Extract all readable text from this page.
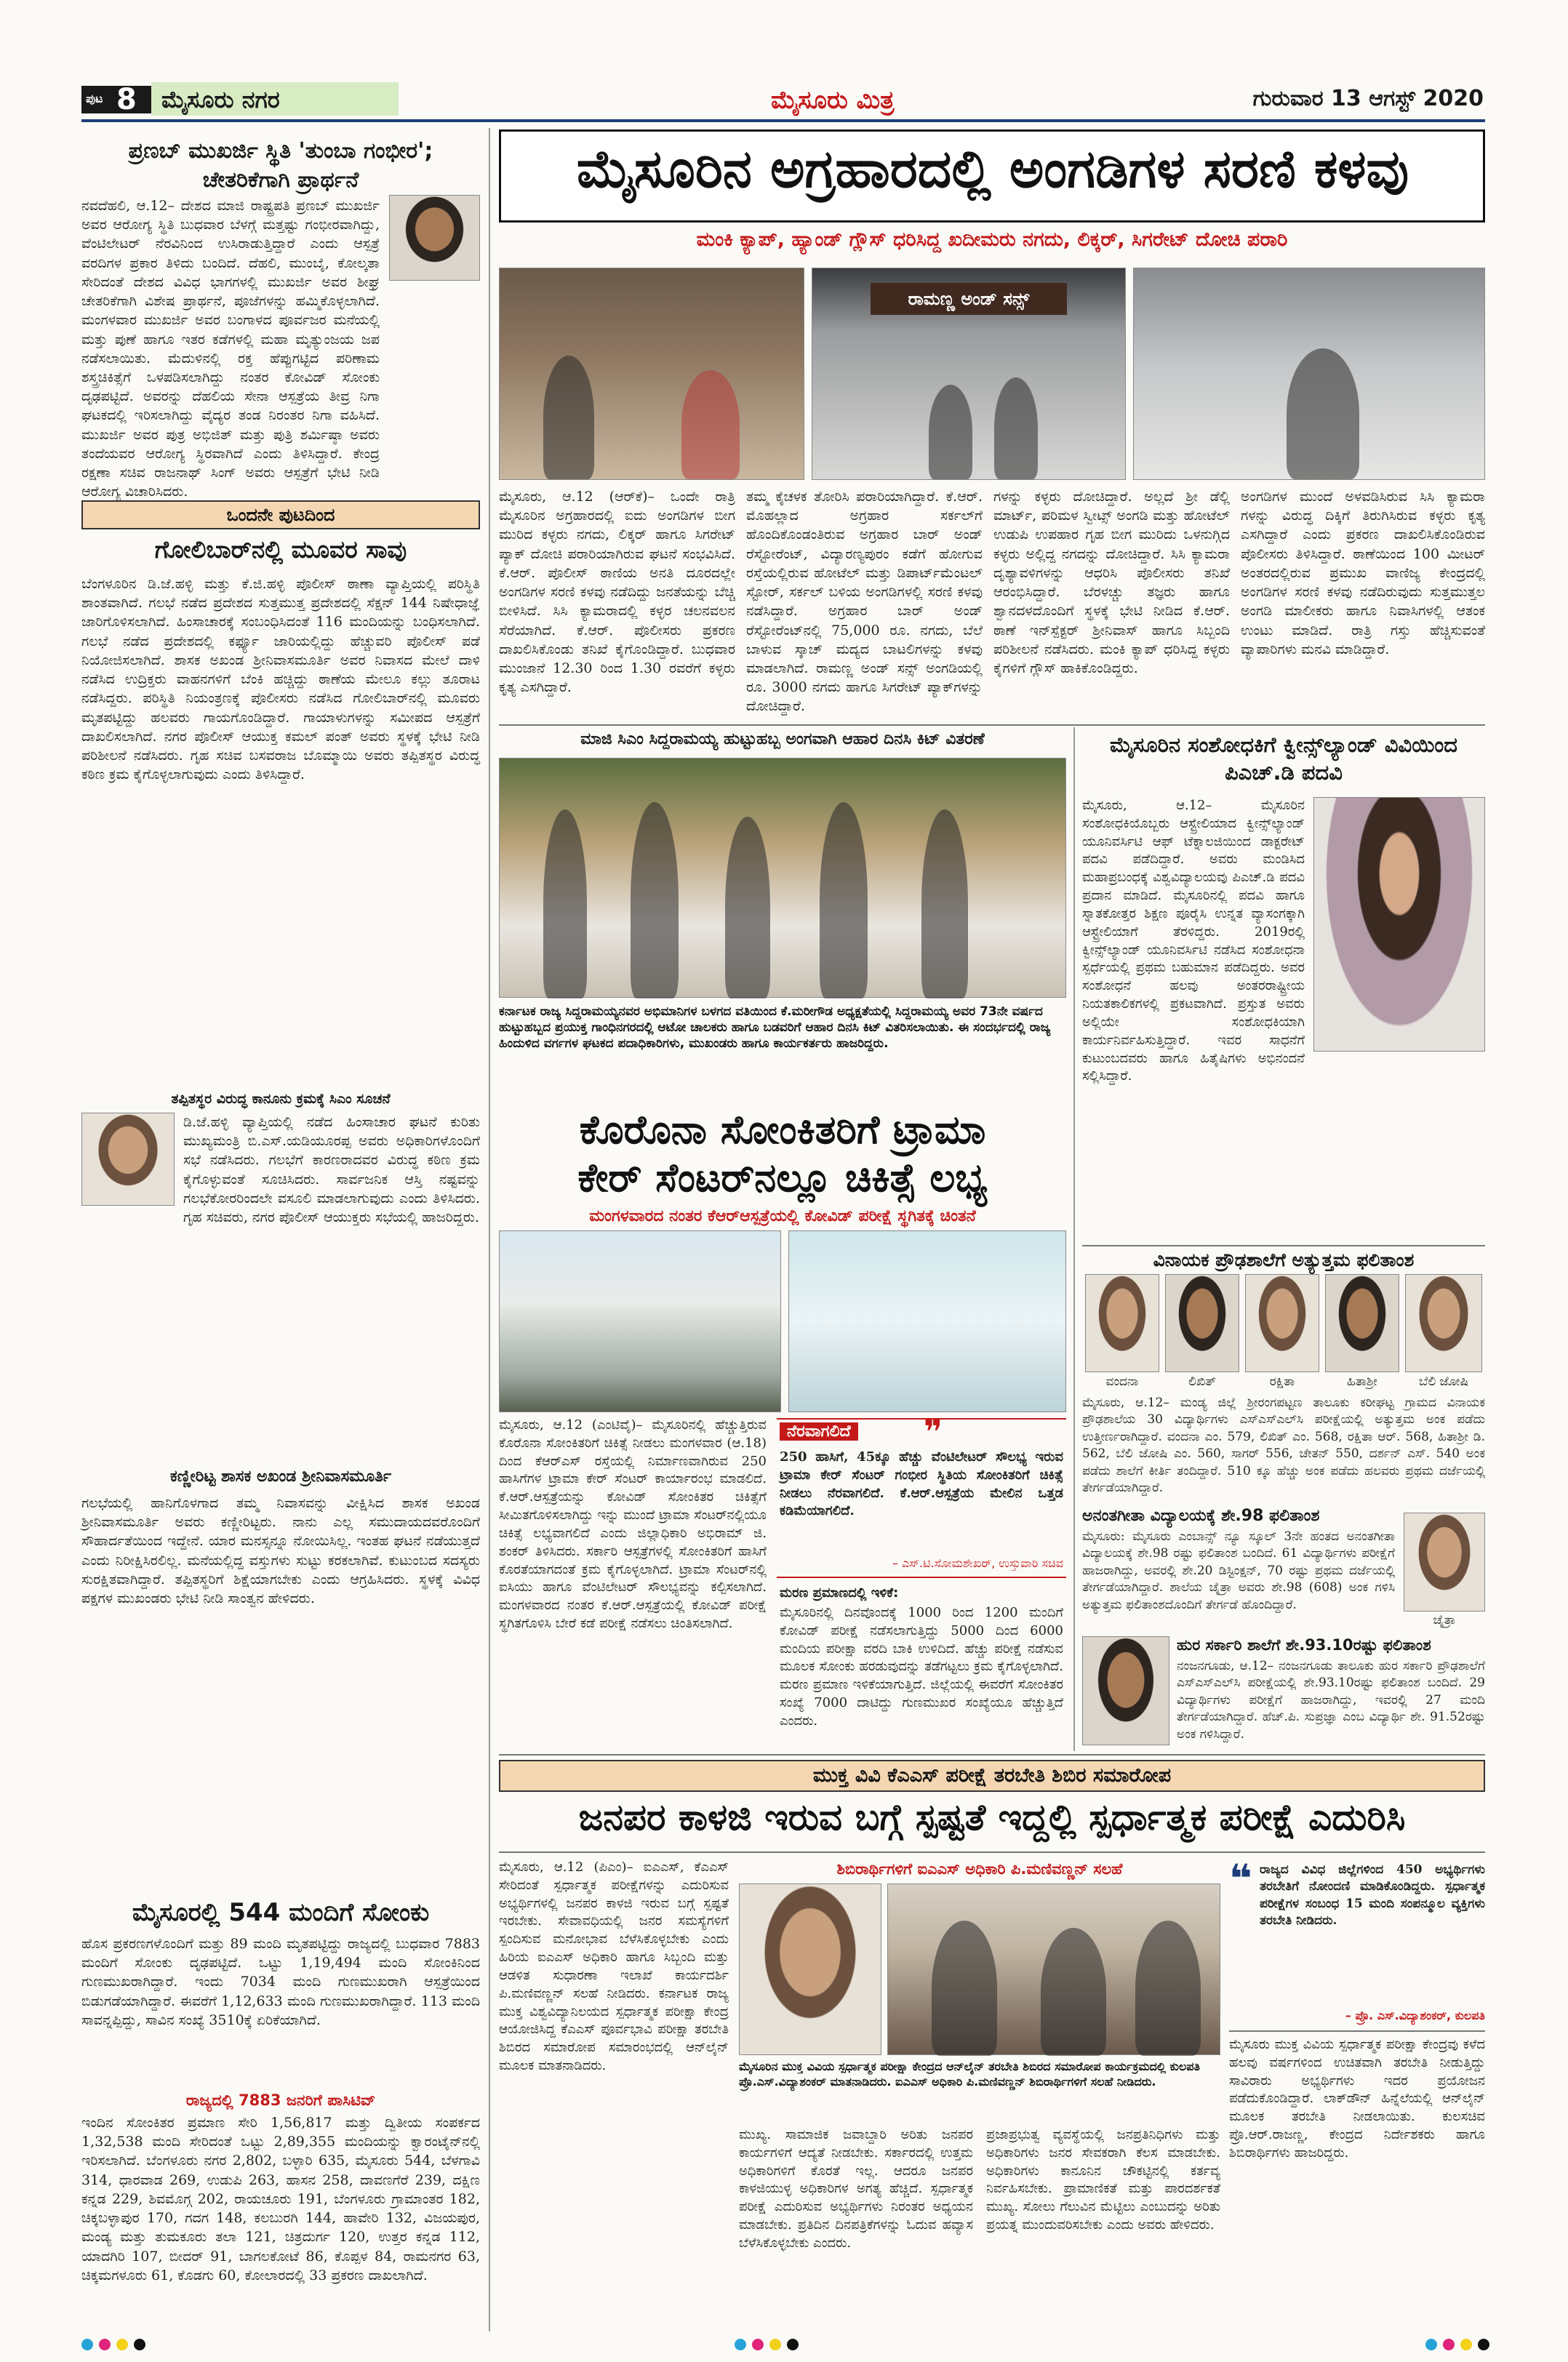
ಪುಟ 8 ಮೈಸೂರು ನಗರ	ಮೈಸೂರು ಮಿತ್ರ	ಗುರುವಾರ 13 ಆಗಸ್ಟ್ 2020
ಪ್ರಣಬ್ ಮುಖರ್ಜಿ ಸ್ಥಿತಿ 'ತುಂಬಾ ಗಂಭೀರ'; ಚೇತರಿಕೆಗಾಗಿ ಪ್ರಾರ್ಥನೆ
ನವದೆಹಲಿ, ಆ.12– ದೇಶದ ಮಾಜಿ ರಾಷ್ಟ್ರಪತಿ ಪ್ರಣಬ್ ಮುಖರ್ಜಿ ಅವರ ಆರೋಗ್ಯ ಸ್ಥಿತಿ ಬುಧವಾರ ಬೆಳಗ್ಗೆ ಮತ್ತಷ್ಟು ಗಂಭೀರವಾಗಿದ್ದು, ವೆಂಟಿಲೇಟರ್ ನೆರವಿನಿಂದ ಉಸಿರಾಡುತ್ತಿದ್ದಾರೆ ಎಂದು ಆಸ್ಪತ್ರೆ ವರದಿಗಳ ಪ್ರಕಾರ ತಿಳಿದು ಬಂದಿದೆ. ದೆಹಲಿ, ಮುಂಬೈ, ಕೋಲ್ಕತಾ ಸೇರಿದಂತೆ ದೇಶದ ವಿವಿಧ ಭಾಗಗಳಲ್ಲಿ ಮುಖರ್ಜಿ ಅವರ ಶೀಘ್ರ ಚೇತರಿಕೆಗಾಗಿ ವಿಶೇಷ ಪ್ರಾರ್ಥನೆ, ಪೂಜೆಗಳನ್ನು ಹಮ್ಮಿಕೊಳ್ಳಲಾಗಿದೆ. ಮಂಗಳವಾರ ಮುಖರ್ಜಿ ಅವರ ಬಂಗಾಳದ ಪೂರ್ವಜರ ಮನೆಯಲ್ಲಿ ಮತ್ತು ಪುಣೆ ಹಾಗೂ ಇತರ ಕಡೆಗಳಲ್ಲಿ ಮಹಾ ಮೃತ್ಯುಂಜಯ ಜಪ ನಡೆಸಲಾಯಿತು. ಮೆದುಳಿನಲ್ಲಿ ರಕ್ತ ಹೆಪ್ಪುಗಟ್ಟಿದ ಪರಿಣಾಮ ಶಸ್ತ್ರಚಿಕಿತ್ಸೆಗೆ ಒಳಪಡಿಸಲಾಗಿದ್ದು ನಂತರ ಕೋವಿಡ್ ಸೋಂಕು ದೃಢಪಟ್ಟಿದೆ. ಅವರನ್ನು ದೆಹಲಿಯ ಸೇನಾ ಆಸ್ಪತ್ರೆಯ ತೀವ್ರ ನಿಗಾ ಘಟಕದಲ್ಲಿ ಇರಿಸಲಾಗಿದ್ದು ವೈದ್ಯರ ತಂಡ ನಿರಂತರ ನಿಗಾ ವಹಿಸಿದೆ. ಮುಖರ್ಜಿ ಅವರ ಪುತ್ರ ಅಭಿಜಿತ್ ಮತ್ತು ಪುತ್ರಿ ಶರ್ಮಿಷ್ಠಾ ಅವರು ತಂದೆಯವರ ಆರೋಗ್ಯ ಸ್ಥಿರವಾಗಿದೆ ಎಂದು ತಿಳಿಸಿದ್ದಾರೆ. ಕೇಂದ್ರ ರಕ್ಷಣಾ ಸಚಿವ ರಾಜನಾಥ್ ಸಿಂಗ್ ಅವರು ಆಸ್ಪತ್ರೆಗೆ ಭೇಟಿ ನೀಡಿ ಆರೋಗ್ಯ ವಿಚಾರಿಸಿದರು.
ಒಂದನೇ ಪುಟದಿಂದ
ಗೋಲಿಬಾರ್‌ನಲ್ಲಿ ಮೂವರ ಸಾವು
ಬೆಂಗಳೂರಿನ ಡಿ.ಜೆ.ಹಳ್ಳಿ ಮತ್ತು ಕೆ.ಜಿ.ಹಳ್ಳಿ ಪೊಲೀಸ್ ಠಾಣಾ ವ್ಯಾಪ್ತಿಯಲ್ಲಿ ಪರಿಸ್ಥಿತಿ ಶಾಂತವಾಗಿದೆ. ಗಲಭೆ ನಡೆದ ಪ್ರದೇಶದ ಸುತ್ತಮುತ್ತ ಪ್ರದೇಶದಲ್ಲಿ ಸೆಕ್ಷನ್ 144 ನಿಷೇಧಾಜ್ಞೆ ಜಾರಿಗೊಳಿಸಲಾಗಿದೆ. ಹಿಂಸಾಚಾರಕ್ಕೆ ಸಂಬಂಧಿಸಿದಂತೆ 116 ಮಂದಿಯನ್ನು ಬಂಧಿಸಲಾಗಿದೆ. ಗಲಭೆ ನಡೆದ ಪ್ರದೇಶದಲ್ಲಿ ಕರ್ಫ್ಯೂ ಜಾರಿಯಲ್ಲಿದ್ದು ಹೆಚ್ಚುವರಿ ಪೊಲೀಸ್ ಪಡೆ ನಿಯೋಜಿಸಲಾಗಿದೆ. ಶಾಸಕ ಅಖಂಡ ಶ್ರೀನಿವಾಸಮೂರ್ತಿ ಅವರ ನಿವಾಸದ ಮೇಲೆ ದಾಳಿ ನಡೆಸಿದ ಉದ್ರಿಕ್ತರು ವಾಹನಗಳಿಗೆ ಬೆಂಕಿ ಹಚ್ಚಿದ್ದು ಠಾಣೆಯ ಮೇಲೂ ಕಲ್ಲು ತೂರಾಟ ನಡೆಸಿದ್ದರು. ಪರಿಸ್ಥಿತಿ ನಿಯಂತ್ರಣಕ್ಕೆ ಪೊಲೀಸರು ನಡೆಸಿದ ಗೋಲಿಬಾರ್‌ನಲ್ಲಿ ಮೂವರು ಮೃತಪಟ್ಟಿದ್ದು ಹಲವರು ಗಾಯಗೊಂಡಿದ್ದಾರೆ. ಗಾಯಾಳುಗಳನ್ನು ಸಮೀಪದ ಆಸ್ಪತ್ರೆಗೆ ದಾಖಲಿಸಲಾಗಿದೆ. ನಗರ ಪೊಲೀಸ್ ಆಯುಕ್ತ ಕಮಲ್ ಪಂತ್ ಅವರು ಸ್ಥಳಕ್ಕೆ ಭೇಟಿ ನೀಡಿ ಪರಿಶೀಲನೆ ನಡೆಸಿದರು. ಗೃಹ ಸಚಿವ ಬಸವರಾಜ ಬೊಮ್ಮಾಯಿ ಅವರು ತಪ್ಪಿತಸ್ಥರ ವಿರುದ್ಧ ಕಠಿಣ ಕ್ರಮ ಕೈಗೊಳ್ಳಲಾಗುವುದು ಎಂದು ತಿಳಿಸಿದ್ದಾರೆ.
ತಪ್ಪಿತಸ್ಥರ ವಿರುದ್ಧ ಕಾನೂನು ಕ್ರಮಕ್ಕೆ ಸಿಎಂ ಸೂಚನೆ
ಡಿ.ಜೆ.ಹಳ್ಳಿ ವ್ಯಾಪ್ತಿಯಲ್ಲಿ ನಡೆದ ಹಿಂಸಾಚಾರ ಘಟನೆ ಕುರಿತು ಮುಖ್ಯಮಂತ್ರಿ ಬಿ.ಎಸ್.ಯಡಿಯೂರಪ್ಪ ಅವರು ಅಧಿಕಾರಿಗಳೊಂದಿಗೆ ಸಭೆ ನಡೆಸಿದರು. ಗಲಭೆಗೆ ಕಾರಣರಾದವರ ವಿರುದ್ಧ ಕಠಿಣ ಕ್ರಮ ಕೈಗೊಳ್ಳುವಂತೆ ಸೂಚಿಸಿದರು. ಸಾರ್ವಜನಿಕ ಆಸ್ತಿ ನಷ್ಟವನ್ನು ಗಲಭೆಕೋರರಿಂದಲೇ ವಸೂಲಿ ಮಾಡಲಾಗುವುದು ಎಂದು ತಿಳಿಸಿದರು. ಗೃಹ ಸಚಿವರು, ನಗರ ಪೊಲೀಸ್ ಆಯುಕ್ತರು ಸಭೆಯಲ್ಲಿ ಹಾಜರಿದ್ದರು.
ಕಣ್ಣೀರಿಟ್ಟ ಶಾಸಕ ಅಖಂಡ ಶ್ರೀನಿವಾಸಮೂರ್ತಿ
ಗಲಭೆಯಲ್ಲಿ ಹಾನಿಗೊಳಗಾದ ತಮ್ಮ ನಿವಾಸವನ್ನು ವೀಕ್ಷಿಸಿದ ಶಾಸಕ ಅಖಂಡ ಶ್ರೀನಿವಾಸಮೂರ್ತಿ ಅವರು ಕಣ್ಣೀರಿಟ್ಟರು. ನಾನು ಎಲ್ಲ ಸಮುದಾಯದವರೊಂದಿಗೆ ಸೌಹಾರ್ದತೆಯಿಂದ ಇದ್ದೇನೆ. ಯಾರ ಮನಸ್ಸನ್ನೂ ನೋಯಿಸಿಲ್ಲ. ಇಂತಹ ಘಟನೆ ನಡೆಯುತ್ತದೆ ಎಂದು ನಿರೀಕ್ಷಿಸಿರಲಿಲ್ಲ. ಮನೆಯಲ್ಲಿದ್ದ ವಸ್ತುಗಳು ಸುಟ್ಟು ಕರಕಲಾಗಿವೆ. ಕುಟುಂಬದ ಸದಸ್ಯರು ಸುರಕ್ಷಿತವಾಗಿದ್ದಾರೆ. ತಪ್ಪಿತಸ್ಥರಿಗೆ ಶಿಕ್ಷೆಯಾಗಬೇಕು ಎಂದು ಆಗ್ರಹಿಸಿದರು. ಸ್ಥಳಕ್ಕೆ ವಿವಿಧ ಪಕ್ಷಗಳ ಮುಖಂಡರು ಭೇಟಿ ನೀಡಿ ಸಾಂತ್ವನ ಹೇಳಿದರು.
ಮೈಸೂರಲ್ಲಿ 544 ಮಂದಿಗೆ ಸೋಂಕು
ಹೊಸ ಪ್ರಕರಣಗಳೊಂದಿಗೆ ಮತ್ತು 89 ಮಂದಿ ಮೃತಪಟ್ಟಿದ್ದು ರಾಜ್ಯದಲ್ಲಿ ಬುಧವಾರ 7883 ಮಂದಿಗೆ ಸೋಂಕು ದೃಢಪಟ್ಟಿದೆ. ಒಟ್ಟು 1,19,494 ಮಂದಿ ಸೋಂಕಿನಿಂದ ಗುಣಮುಖರಾಗಿದ್ದಾರೆ. ಇಂದು 7034 ಮಂದಿ ಗುಣಮುಖರಾಗಿ ಆಸ್ಪತ್ರೆಯಿಂದ ಬಿಡುಗಡೆಯಾಗಿದ್ದಾರೆ. ಈವರೆಗೆ 1,12,633 ಮಂದಿ ಗುಣಮುಖರಾಗಿದ್ದಾರೆ. 113 ಮಂದಿ ಸಾವನ್ನಪ್ಪಿದ್ದು, ಸಾವಿನ ಸಂಖ್ಯೆ 3510ಕ್ಕೆ ಏರಿಕೆಯಾಗಿದೆ.
ರಾಜ್ಯದಲ್ಲಿ 7883 ಜನರಿಗೆ ಪಾಸಿಟಿವ್
ಇಂದಿನ ಸೋಂಕಿತರ ಪ್ರಮಾಣ ಸೇರಿ 1,56,817 ಮತ್ತು ದ್ವಿತೀಯ ಸಂಪರ್ಕದ 1,32,538 ಮಂದಿ ಸೇರಿದಂತೆ ಒಟ್ಟು 2,89,355 ಮಂದಿಯನ್ನು ಕ್ವಾರಂಟೈನ್‌ನಲ್ಲಿ ಇರಿಸಲಾಗಿದೆ. ಬೆಂಗಳೂರು ನಗರ 2,802, ಬಳ್ಳಾರಿ 635, ಮೈಸೂರು 544, ಬೆಳಗಾವಿ 314, ಧಾರವಾಡ 269, ಉಡುಪಿ 263, ಹಾಸನ 258, ದಾವಣಗೆರೆ 239, ದಕ್ಷಿಣ ಕನ್ನಡ 229, ಶಿವಮೊಗ್ಗ 202, ರಾಯಚೂರು 191, ಬೆಂಗಳೂರು ಗ್ರಾಮಾಂತರ 182, ಚಿಕ್ಕಬಳ್ಳಾಪುರ 170, ಗದಗ 148, ಕಲಬುರಗಿ 144, ಹಾವೇರಿ 132, ವಿಜಯಪುರ, ಮಂಡ್ಯ ಮತ್ತು ತುಮಕೂರು ತಲಾ 121, ಚಿತ್ರದುರ್ಗ 120, ಉತ್ತರ ಕನ್ನಡ 112, ಯಾದಗಿರಿ 107, ಬೀದರ್ 91, ಬಾಗಲಕೋಟೆ 86, ಕೊಪ್ಪಳ 84, ರಾಮನಗರ 63, ಚಿಕ್ಕಮಗಳೂರು 61, ಕೊಡಗು 60, ಕೋಲಾರದಲ್ಲಿ 33 ಪ್ರಕರಣ ದಾಖಲಾಗಿದೆ.
ಮೈಸೂರಿನ ಅಗ್ರಹಾರದಲ್ಲಿ ಅಂಗಡಿಗಳ ಸರಣಿ ಕಳವು
ಮಂಕಿ ಕ್ಯಾಪ್, ಹ್ಯಾಂಡ್ ಗ್ಲೌಸ್ ಧರಿಸಿದ್ದ ಖದೀಮರು ನಗದು, ಲಿಕ್ಕರ್, ಸಿಗರೇಟ್ ದೋಚಿ ಪರಾರಿ
ರಾಮಣ್ಣ ಅಂಡ್ ಸನ್ಸ್
ಮೈಸೂರು, ಆ.12 (ಆರ್‌ಕೆ)– ಒಂದೇ ರಾತ್ರಿ ಮೈಸೂರಿನ ಅಗ್ರಹಾರದಲ್ಲಿ ಐದು ಅಂಗಡಿಗಳ ಬೀಗ ಮುರಿದ ಕಳ್ಳರು ನಗದು, ಲಿಕ್ಕರ್ ಹಾಗೂ ಸಿಗರೇಟ್ ಪ್ಯಾಕ್ ದೋಚಿ ಪರಾರಿಯಾಗಿರುವ ಘಟನೆ ಸಂಭವಿಸಿದೆ. ಕೆ.ಆರ್. ಪೊಲೀಸ್ ಠಾಣಿಯ ಅನತಿ ದೂರದಲ್ಲೇ ಅಂಗಡಿಗಳ ಸರಣಿ ಕಳವು ನಡೆದಿದ್ದು ಜನತೆಯನ್ನು ಬೆಚ್ಚಿ ಬೀಳಿಸಿದೆ. ಸಿಸಿ ಕ್ಯಾಮರಾದಲ್ಲಿ ಕಳ್ಳರ ಚಲನವಲನ ಸೆರೆಯಾಗಿದೆ. ಕೆ.ಆರ್. ಪೊಲೀಸರು ಪ್ರಕರಣ ದಾಖಲಿಸಿಕೊಂಡು ತನಿಖೆ ಕೈಗೊಂಡಿದ್ದಾರೆ. ಬುಧವಾರ ಮುಂಜಾನೆ 12.30 ರಿಂದ 1.30 ರವರೆಗೆ ಕಳ್ಳರು ಕೃತ್ಯ ಎಸಗಿದ್ದಾರೆ.
ತಮ್ಮ ಕೈಚಳಕ ತೋರಿಸಿ ಪರಾರಿಯಾಗಿದ್ದಾರೆ. ಕೆ.ಆರ್. ಮೊಹಲ್ಲಾದ ಅಗ್ರಹಾರ ಸರ್ಕಲ್‌ಗೆ ಹೊಂದಿಕೊಂಡಂತಿರುವ ಅಗ್ರಹಾರ ಬಾರ್ ಅಂಡ್ ರೆಸ್ಟೋರೆಂಟ್, ವಿದ್ಯಾರಣ್ಯಪುರಂ ಕಡೆಗೆ ಹೋಗುವ ರಸ್ತೆಯಲ್ಲಿರುವ ಹೋಟೆಲ್ ಮತ್ತು ಡಿಪಾರ್ಟ್‌ಮೆಂಟಲ್ ಸ್ಟೋರ್, ಸರ್ಕಲ್ ಬಳಿಯ ಅಂಗಡಿಗಳಲ್ಲಿ ಸರಣಿ ಕಳವು ನಡೆಸಿದ್ದಾರೆ. ಅಗ್ರಹಾರ ಬಾರ್ ಅಂಡ್ ರೆಸ್ಟೋರೆಂಟ್‌ನಲ್ಲಿ 75,000 ರೂ. ನಗದು, ಬೆಲೆ ಬಾಳುವ ಸ್ಕಾಚ್ ಮದ್ಯದ ಬಾಟಲಿಗಳನ್ನು ಕಳವು ಮಾಡಲಾಗಿದೆ. ರಾಮಣ್ಣ ಅಂಡ್ ಸನ್ಸ್ ಅಂಗಡಿಯಲ್ಲಿ ರೂ. 3000 ನಗದು ಹಾಗೂ ಸಿಗರೇಟ್ ಪ್ಯಾಕ್‌ಗಳನ್ನು ದೋಚಿದ್ದಾರೆ.
ಗಳನ್ನು ಕಳ್ಳರು ದೋಚಿದ್ದಾರೆ. ಅಲ್ಲದೆ ಶ್ರೀ ಡೆಲ್ಲಿ ಮಾರ್ಟ್, ಪರಿಮಳ ಸ್ವೀಟ್ಸ್ ಅಂಗಡಿ ಮತ್ತು ಹೋಟೆಲ್ ಉಡುಪಿ ಉಪಹಾರ ಗೃಹ ಬೀಗ ಮುರಿದು ಒಳನುಗ್ಗಿದ ಕಳ್ಳರು ಅಲ್ಲಿದ್ದ ನಗದನ್ನು ದೋಚಿದ್ದಾರೆ. ಸಿಸಿ ಕ್ಯಾಮರಾ ದೃಶ್ಯಾವಳಿಗಳನ್ನು ಆಧರಿಸಿ ಪೊಲೀಸರು ತನಿಖೆ ಆರಂಭಿಸಿದ್ದಾರೆ. ಬೆರಳಚ್ಚು ತಜ್ಞರು ಹಾಗೂ ಶ್ವಾನದಳದೊಂದಿಗೆ ಸ್ಥಳಕ್ಕೆ ಭೇಟಿ ನೀಡಿದ ಕೆ.ಆರ್. ಠಾಣೆ ಇನ್‌ಸ್ಪೆಕ್ಟರ್ ಶ್ರೀನಿವಾಸ್ ಹಾಗೂ ಸಿಬ್ಬಂದಿ ಪರಿಶೀಲನೆ ನಡೆಸಿದರು. ಮಂಕಿ ಕ್ಯಾಪ್ ಧರಿಸಿದ್ದ ಕಳ್ಳರು ಕೈಗಳಿಗೆ ಗ್ಲೌಸ್ ಹಾಕಿಕೊಂಡಿದ್ದರು.
ಅಂಗಡಿಗಳ ಮುಂದೆ ಅಳವಡಿಸಿರುವ ಸಿಸಿ ಕ್ಯಾಮರಾ ಗಳನ್ನು ವಿರುದ್ಧ ದಿಕ್ಕಿಗೆ ತಿರುಗಿಸಿರುವ ಕಳ್ಳರು ಕೃತ್ಯ ಎಸಗಿದ್ದಾರೆ ಎಂದು ಪ್ರಕರಣ ದಾಖಲಿಸಿಕೊಂಡಿರುವ ಪೊಲೀಸರು ತಿಳಿಸಿದ್ದಾರೆ. ಠಾಣೆಯಿಂದ 100 ಮೀಟರ್ ಅಂತರದಲ್ಲಿರುವ ಪ್ರಮುಖ ವಾಣಿಜ್ಯ ಕೇಂದ್ರದಲ್ಲಿ ಅಂಗಡಿಗಳ ಸರಣಿ ಕಳವು ನಡೆದಿರುವುದು ಸುತ್ತಮುತ್ತಲ ಅಂಗಡಿ ಮಾಲೀಕರು ಹಾಗೂ ನಿವಾಸಿಗಳಲ್ಲಿ ಆತಂಕ ಉಂಟು ಮಾಡಿದೆ. ರಾತ್ರಿ ಗಸ್ತು ಹೆಚ್ಚಿಸುವಂತೆ ವ್ಯಾಪಾರಿಗಳು ಮನವಿ ಮಾಡಿದ್ದಾರೆ.
ಮಾಜಿ ಸಿಎಂ ಸಿದ್ದರಾಮಯ್ಯ ಹುಟ್ಟುಹಬ್ಬ ಅಂಗವಾಗಿ ಆಹಾರ ದಿನಸಿ ಕಿಟ್ ವಿತರಣೆ
ಕರ್ನಾಟಕ ರಾಜ್ಯ ಸಿದ್ದರಾಮಯ್ಯನವರ ಅಭಿಮಾನಿಗಳ ಬಳಗದ ವತಿಯಿಂದ ಕೆ.ಮರೀಗೌಡ ಅಧ್ಯಕ್ಷತೆಯಲ್ಲಿ ಸಿದ್ದರಾಮಯ್ಯ ಅವರ 73ನೇ ವರ್ಷದ ಹುಟ್ಟುಹಬ್ಬದ ಪ್ರಯುಕ್ತ ಗಾಂಧಿನಗರದಲ್ಲಿ ಆಟೋ ಚಾಲಕರು ಹಾಗೂ ಬಡವರಿಗೆ ಆಹಾರ ದಿನಸಿ ಕಿಟ್ ವಿತರಿಸಲಾಯಿತು. ಈ ಸಂದರ್ಭದಲ್ಲಿ ರಾಜ್ಯ ಹಿಂದುಳಿದ ವರ್ಗಗಳ ಘಟಕದ ಪದಾಧಿಕಾರಿಗಳು, ಮುಖಂಡರು ಹಾಗೂ ಕಾರ್ಯಕರ್ತರು ಹಾಜರಿದ್ದರು.
ಕೊರೊನಾ ಸೋಂಕಿತರಿಗೆ ಟ್ರಾಮಾ
ಕೇರ್ ಸೆಂಟರ್‌ನಲ್ಲೂ ಚಿಕಿತ್ಸೆ ಲಭ್ಯ
ಮಂಗಳವಾರದ ನಂತರ ಕೆಆರ್‌ಆಸ್ಪತ್ರೆಯಲ್ಲಿ ಕೋವಿಡ್ ಪರೀಕ್ಷೆ ಸ್ಥಗಿತಕ್ಕೆ ಚಿಂತನೆ
ಮೈಸೂರು, ಆ.12 (ಎಂಟಿವೈ)– ಮೈಸೂರಿನಲ್ಲಿ ಹೆಚ್ಚುತ್ತಿರುವ ಕೊರೊನಾ ಸೋಂಕಿತರಿಗೆ ಚಿಕಿತ್ಸೆ ನೀಡಲು ಮಂಗಳವಾರ (ಆ.18) ದಿಂದ ಕೆಆರ್‌ಎಸ್ ರಸ್ತೆಯಲ್ಲಿ ನಿರ್ಮಾಣವಾಗಿರುವ 250 ಹಾಸಿಗೆಗಳ ಟ್ರಾಮಾ ಕೇರ್ ಸೆಂಟರ್ ಕಾರ್ಯಾರಂಭ ಮಾಡಲಿದೆ. ಕೆ.ಆರ್.ಆಸ್ಪತ್ರೆಯನ್ನು ಕೋವಿಡ್ ಸೋಂಕಿತರ ಚಿಕಿತ್ಸೆಗೆ ಸೀಮಿತಗೊಳಿಸಲಾಗಿದ್ದು ಇನ್ನು ಮುಂದೆ ಟ್ರಾಮಾ ಸೆಂಟರ್‌ನಲ್ಲಿಯೂ ಚಿಕಿತ್ಸೆ ಲಭ್ಯವಾಗಲಿದೆ ಎಂದು ಜಿಲ್ಲಾಧಿಕಾರಿ ಅಭಿರಾಮ್ ಜಿ. ಶಂಕರ್ ತಿಳಿಸಿದರು. ಸರ್ಕಾರಿ ಆಸ್ಪತ್ರೆಗಳಲ್ಲಿ ಸೋಂಕಿತರಿಗೆ ಹಾಸಿಗೆ ಕೊರತೆಯಾಗದಂತೆ ಕ್ರಮ ಕೈಗೊಳ್ಳಲಾಗಿದೆ. ಟ್ರಾಮಾ ಸೆಂಟರ್‌ನಲ್ಲಿ ಐಸಿಯು ಹಾಗೂ ವೆಂಟಿಲೇಟರ್ ಸೌಲಭ್ಯವನ್ನು ಕಲ್ಪಿಸಲಾಗಿದೆ. ಮಂಗಳವಾರದ ನಂತರ ಕೆ.ಆರ್.ಆಸ್ಪತ್ರೆಯಲ್ಲಿ ಕೋವಿಡ್ ಪರೀಕ್ಷೆ ಸ್ಥಗಿತಗೊಳಿಸಿ ಬೇರೆ ಕಡೆ ಪರೀಕ್ಷೆ ನಡೆಸಲು ಚಿಂತಿಸಲಾಗಿದೆ.
ನೆರವಾಗಲಿದೆ ❞
250 ಹಾಸಿಗೆ, 45ಕ್ಕೂ ಹೆಚ್ಚು ವೆಂಟಿಲೇಟರ್ ಸೌಲಭ್ಯ ಇರುವ ಟ್ರಾಮಾ ಕೇರ್ ಸೆಂಟರ್ ಗಂಭೀರ ಸ್ಥಿತಿಯ ಸೋಂಕಿತರಿಗೆ ಚಿಕಿತ್ಸೆ ನೀಡಲು ನೆರವಾಗಲಿದೆ. ಕೆ.ಆರ್.ಆಸ್ಪತ್ರೆಯ ಮೇಲಿನ ಒತ್ತಡ ಕಡಿಮೆಯಾಗಲಿದೆ.
– ಎಸ್.ಟಿ.ಸೋಮಶೇಖರ್, ಉಸ್ತುವಾರಿ ಸಚಿವ
ಮರಣ ಪ್ರಮಾಣದಲ್ಲಿ ಇಳಿಕೆ:
ಮೈಸೂರಿನಲ್ಲಿ ದಿನವೊಂದಕ್ಕೆ 1000 ರಿಂದ 1200 ಮಂದಿಗೆ ಕೋವಿಡ್ ಪರೀಕ್ಷೆ ನಡೆಸಲಾಗುತ್ತಿದ್ದು 5000 ದಿಂದ 6000 ಮಂದಿಯ ಪರೀಕ್ಷಾ ವರದಿ ಬಾಕಿ ಉಳಿದಿದೆ. ಹೆಚ್ಚು ಪರೀಕ್ಷೆ ನಡೆಸುವ ಮೂಲಕ ಸೋಂಕು ಹರಡುವುದನ್ನು ತಡೆಗಟ್ಟಲು ಕ್ರಮ ಕೈಗೊಳ್ಳಲಾಗಿದೆ. ಮರಣ ಪ್ರಮಾಣ ಇಳಿಕೆಯಾಗುತ್ತಿದೆ. ಜಿಲ್ಲೆಯಲ್ಲಿ ಈವರೆಗೆ ಸೋಂಕಿತರ ಸಂಖ್ಯೆ 7000 ದಾಟಿದ್ದು ಗುಣಮುಖರ ಸಂಖ್ಯೆಯೂ ಹೆಚ್ಚುತ್ತಿದೆ ಎಂದರು.
ಮೈಸೂರಿನ ಸಂಶೋಧಕಿಗೆ ಕ್ವೀನ್ಸ್‌ಲ್ಯಾಂಡ್ ವಿವಿಯಿಂದ ಪಿಎಚ್.ಡಿ ಪದವಿ
ಮೈಸೂರು, ಆ.12– ಮೈಸೂರಿನ ಸಂಶೋಧಕಿಯೊಬ್ಬರು ಆಸ್ಟ್ರೇಲಿಯಾದ ಕ್ವೀನ್ಸ್‌ಲ್ಯಾಂಡ್ ಯೂನಿವರ್ಸಿಟಿ ಆಫ್ ಟೆಕ್ನಾಲಜಿಯಿಂದ ಡಾಕ್ಟರೇಟ್ ಪದವಿ ಪಡೆದಿದ್ದಾರೆ. ಅವರು ಮಂಡಿಸಿದ ಮಹಾಪ್ರಬಂಧಕ್ಕೆ ವಿಶ್ವವಿದ್ಯಾಲಯವು ಪಿಎಚ್.ಡಿ ಪದವಿ ಪ್ರದಾನ ಮಾಡಿದೆ. ಮೈಸೂರಿನಲ್ಲಿ ಪದವಿ ಹಾಗೂ ಸ್ನಾತಕೋತ್ತರ ಶಿಕ್ಷಣ ಪೂರೈಸಿ ಉನ್ನತ ವ್ಯಾಸಂಗಕ್ಕಾಗಿ ಆಸ್ಟ್ರೇಲಿಯಾಗೆ ತೆರಳಿದ್ದರು. 2019ರಲ್ಲಿ ಕ್ವೀನ್ಸ್‌ಲ್ಯಾಂಡ್ ಯೂನಿವರ್ಸಿಟಿ ನಡೆಸಿದ ಸಂಶೋಧನಾ ಸ್ಪರ್ಧೆಯಲ್ಲಿ ಪ್ರಥಮ ಬಹುಮಾನ ಪಡೆದಿದ್ದರು. ಅವರ ಸಂಶೋಧನೆ ಹಲವು ಅಂತರರಾಷ್ಟ್ರೀಯ ನಿಯತಕಾಲಿಕಗಳಲ್ಲಿ ಪ್ರಕಟವಾಗಿದೆ. ಪ್ರಸ್ತುತ ಅವರು ಅಲ್ಲಿಯೇ ಸಂಶೋಧಕಿಯಾಗಿ ಕಾರ್ಯನಿರ್ವಹಿಸುತ್ತಿದ್ದಾರೆ. ಇವರ ಸಾಧನೆಗೆ ಕುಟುಂಬದವರು ಹಾಗೂ ಹಿತೈಷಿಗಳು ಅಭಿನಂದನೆ ಸಲ್ಲಿಸಿದ್ದಾರೆ.
ವಿನಾಯಕ ಪ್ರೌಢಶಾಲೆಗೆ ಅತ್ಯುತ್ತಮ ಫಲಿತಾಂಶ
ವಂದನಾ	ಲಿಖಿತ್	ರಕ್ಷಿತಾ	ಹಿತಾಶ್ರೀ	ಬೆಲಿ ಜೋಷಿ
ಮೈಸೂರು, ಆ.12– ಮಂಡ್ಯ ಜಿಲ್ಲೆ ಶ್ರೀರಂಗಪಟ್ಟಣ ತಾಲೂಕು ಕರೀಘಟ್ಟ ಗ್ರಾಮದ ವಿನಾಯಕ ಪ್ರೌಢಶಾಲೆಯ 30 ವಿದ್ಯಾರ್ಥಿಗಳು ಎಸ್‌ಎಸ್‌ಎಲ್‌ಸಿ ಪರೀಕ್ಷೆಯಲ್ಲಿ ಅತ್ಯುತ್ತಮ ಅಂಕ ಪಡೆದು ಉತ್ತೀರ್ಣರಾಗಿದ್ದಾರೆ. ವಂದನಾ ಎಂ. 579, ಲಿಖಿತ್ ಎಂ. 568, ರಕ್ಷಿತಾ ಆರ್. 568, ಹಿತಾಶ್ರೀ ಡಿ. 562, ಬೆಲಿ ಜೋಷಿ ಎಂ. 560, ಸಾಗರ್ 556, ಚೇತನ್ 550, ದರ್ಶನ್ ಎಸ್. 540 ಅಂಕ ಪಡೆದು ಶಾಲೆಗೆ ಕೀರ್ತಿ ತಂದಿದ್ದಾರೆ. 510 ಕ್ಕೂ ಹೆಚ್ಚು ಅಂಕ ಪಡೆದು ಹಲವರು ಪ್ರಥಮ ದರ್ಜೆಯಲ್ಲಿ ತೇರ್ಗಡೆಯಾಗಿದ್ದಾರೆ.
ಅನಂತಗೀತಾ ವಿದ್ಯಾಲಯಕ್ಕೆ ಶೇ.98 ಫಲಿತಾಂಶ
ಮೈಸೂರು: ಮೈಸೂರು ಎಂಬಾನ್ಸ್ ನ್ಯೂ ಸ್ಕೂಲ್ 3ನೇ ಹಂತದ ಅನಂತಗೀತಾ ವಿದ್ಯಾಲಯಕ್ಕೆ ಶೇ.98 ರಷ್ಟು ಫಲಿತಾಂಶ ಬಂದಿದೆ. 61 ವಿದ್ಯಾರ್ಥಿಗಳು ಪರೀಕ್ಷೆಗೆ ಹಾಜರಾಗಿದ್ದು, ಅವರಲ್ಲಿ ಶೇ.20 ಡಿಸ್ಟಿಂಕ್ಷನ್, 70 ರಷ್ಟು ಪ್ರಥಮ ದರ್ಜೆಯಲ್ಲಿ ತೇರ್ಗಡೆಯಾಗಿದ್ದಾರೆ. ಶಾಲೆಯ ಚೈತ್ರಾ ಅವರು ಶೇ.98 (608) ಅಂಕ ಗಳಿಸಿ ಅತ್ಯುತ್ತಮ ಫಲಿತಾಂಶದೊಂದಿಗೆ ತೇರ್ಗಡೆ ಹೊಂದಿದ್ದಾರೆ.
ಚೈತ್ರಾ
ಹುರ ಸರ್ಕಾರಿ ಶಾಲೆಗೆ ಶೇ.93.10ರಷ್ಟು ಫಲಿತಾಂಶ
ನಂಜನಗೂಡು, ಆ.12– ನಂಜನಗೂಡು ತಾಲೂಕು ಹುರ ಸರ್ಕಾರಿ ಪ್ರೌಢಶಾಲೆಗೆ ಎಸ್‌ಎಸ್‌ಎಲ್‌ಸಿ ಪರೀಕ್ಷೆಯಲ್ಲಿ ಶೇ.93.10ರಷ್ಟು ಫಲಿತಾಂಶ ಬಂದಿದೆ. 29 ವಿದ್ಯಾರ್ಥಿಗಳು ಪರೀಕ್ಷೆಗೆ ಹಾಜರಾಗಿದ್ದು, ಇವರಲ್ಲಿ 27 ಮಂದಿ ತೇರ್ಗಡೆಯಾಗಿದ್ದಾರೆ. ಹೆಚ್.ಪಿ. ಸುಪ್ರಜ್ಞಾ ಎಂಬ ವಿದ್ಯಾರ್ಥಿ ಶೇ. 91.52ರಷ್ಟು ಅಂಕ ಗಳಿಸಿದ್ದಾರೆ.
ಮುಕ್ತ ವಿವಿ ಕೆಎಎಸ್ ಪರೀಕ್ಷೆ ತರಬೇತಿ ಶಿಬಿರ ಸಮಾರೋಪ
ಜನಪರ ಕಾಳಜಿ ಇರುವ ಬಗ್ಗೆ ಸ್ಪಷ್ಟತೆ ಇದ್ದಲ್ಲಿ ಸ್ಪರ್ಧಾತ್ಮಕ ಪರೀಕ್ಷೆ ಎದುರಿಸಿ
ಮೈಸೂರು, ಆ.12 (ಪಿಎಂ)– ಐಎಎಸ್, ಕೆಎಎಸ್ ಸೇರಿದಂತೆ ಸ್ಪರ್ಧಾತ್ಮಕ ಪರೀಕ್ಷೆಗಳನ್ನು ಎದುರಿಸುವ ಅಭ್ಯರ್ಥಿಗಳಲ್ಲಿ ಜನಪರ ಕಾಳಜಿ ಇರುವ ಬಗ್ಗೆ ಸ್ಪಷ್ಟತೆ ಇರಬೇಕು. ಸೇವಾವಧಿಯಲ್ಲಿ ಜನರ ಸಮಸ್ಯೆಗಳಿಗೆ ಸ್ಪಂದಿಸುವ ಮನೋಭಾವ ಬೆಳೆಸಿಕೊಳ್ಳಬೇಕು ಎಂದು ಹಿರಿಯ ಐಎಎಸ್ ಅಧಿಕಾರಿ ಹಾಗೂ ಸಿಬ್ಬಂದಿ ಮತ್ತು ಆಡಳಿತ ಸುಧಾರಣಾ ಇಲಾಖೆ ಕಾರ್ಯದರ್ಶಿ ಪಿ.ಮಣಿವಣ್ಣನ್ ಸಲಹೆ ನೀಡಿದರು. ಕರ್ನಾಟಕ ರಾಜ್ಯ ಮುಕ್ತ ವಿಶ್ವವಿದ್ಯಾನಿಲಯದ ಸ್ಪರ್ಧಾತ್ಮಕ ಪರೀಕ್ಷಾ ಕೇಂದ್ರ ಆಯೋಜಿಸಿದ್ದ ಕೆಎಎಸ್ ಪೂರ್ವಭಾವಿ ಪರೀಕ್ಷಾ ತರಬೇತಿ ಶಿಬಿರದ ಸಮಾರೋಪ ಸಮಾರಂಭದಲ್ಲಿ ಆನ್‌ಲೈನ್ ಮೂಲಕ ಮಾತನಾಡಿದರು.
ಶಿಬಿರಾರ್ಥಿಗಳಿಗೆ ಐಎಎಸ್ ಅಧಿಕಾರಿ ಪಿ.ಮಣಿವಣ್ಣನ್ ಸಲಹೆ
ಮೈಸೂರಿನ ಮುಕ್ತ ವಿವಿಯ ಸ್ಪರ್ಧಾತ್ಮಕ ಪರೀಕ್ಷಾ ಕೇಂದ್ರದ ಆನ್‌ಲೈನ್ ತರಬೇತಿ ಶಿಬಿರದ ಸಮಾರೋಪ ಕಾರ್ಯಕ್ರಮದಲ್ಲಿ ಕುಲಪತಿ ಪ್ರೊ.ಎಸ್.ವಿದ್ಯಾಶಂಕರ್ ಮಾತನಾಡಿದರು. ಐಎಎಸ್ ಅಧಿಕಾರಿ ಪಿ.ಮಣಿವಣ್ಣನ್ ಶಿಬಿರಾರ್ಥಿಗಳಿಗೆ ಸಲಹೆ ನೀಡಿದರು.
ಮುಖ್ಯ. ಸಾಮಾಜಿಕ ಜವಾಬ್ದಾರಿ ಅರಿತು ಜನಪರ ಕಾರ್ಯಗಳಿಗೆ ಆದ್ಯತೆ ನೀಡಬೇಕು. ಸರ್ಕಾರದಲ್ಲಿ ಉತ್ತಮ ಅಧಿಕಾರಿಗಳಿಗೆ ಕೊರತೆ ಇಲ್ಲ. ಆದರೂ ಜನಪರ ಕಾಳಜಿಯುಳ್ಳ ಅಧಿಕಾರಿಗಳ ಅಗತ್ಯ ಹೆಚ್ಚಿದೆ. ಸ್ಪರ್ಧಾತ್ಮಕ ಪರೀಕ್ಷೆ ಎದುರಿಸುವ ಅಭ್ಯರ್ಥಿಗಳು ನಿರಂತರ ಅಧ್ಯಯನ ಮಾಡಬೇಕು. ಪ್ರತಿದಿನ ದಿನಪತ್ರಿಕೆಗಳನ್ನು ಓದುವ ಹವ್ಯಾಸ ಬೆಳೆಸಿಕೊಳ್ಳಬೇಕು ಎಂದರು.
ಪ್ರಜಾಪ್ರಭುತ್ವ ವ್ಯವಸ್ಥೆಯಲ್ಲಿ ಜನಪ್ರತಿನಿಧಿಗಳು ಮತ್ತು ಅಧಿಕಾರಿಗಳು ಜನರ ಸೇವಕರಾಗಿ ಕೆಲಸ ಮಾಡಬೇಕು. ಅಧಿಕಾರಿಗಳು ಕಾನೂನಿನ ಚೌಕಟ್ಟಿನಲ್ಲಿ ಕರ್ತವ್ಯ ನಿರ್ವಹಿಸಬೇಕು. ಪ್ರಾಮಾಣಿಕತೆ ಮತ್ತು ಪಾರದರ್ಶಕತೆ ಮುಖ್ಯ. ಸೋಲು ಗೆಲುವಿನ ಮೆಟ್ಟಿಲು ಎಂಬುದನ್ನು ಅರಿತು ಪ್ರಯತ್ನ ಮುಂದುವರಿಸಬೇಕು ಎಂದು ಅವರು ಹೇಳಿದರು.
❝ ರಾಜ್ಯದ ವಿವಿಧ ಜಿಲ್ಲೆಗಳಿಂದ 450 ಅಭ್ಯರ್ಥಿಗಳು ತರಬೇತಿಗೆ ನೋಂದಣಿ ಮಾಡಿಕೊಂಡಿದ್ದರು. ಸ್ಪರ್ಧಾತ್ಮಕ ಪರೀಕ್ಷೆಗಳ ಸಂಬಂಧ 15 ಮಂದಿ ಸಂಪನ್ಮೂಲ ವ್ಯಕ್ತಿಗಳು ತರಬೇತಿ ನೀಡಿದರು.
– ಪ್ರೊ. ಎಸ್.ವಿದ್ಯಾಶಂಕರ್, ಕುಲಪತಿ
ಮೈಸೂರು ಮುಕ್ತ ವಿವಿಯ ಸ್ಪರ್ಧಾತ್ಮಕ ಪರೀಕ್ಷಾ ಕೇಂದ್ರವು ಕಳೆದ ಹಲವು ವರ್ಷಗಳಿಂದ ಉಚಿತವಾಗಿ ತರಬೇತಿ ನೀಡುತ್ತಿದ್ದು ಸಾವಿರಾರು ಅಭ್ಯರ್ಥಿಗಳು ಇದರ ಪ್ರಯೋಜನ ಪಡೆದುಕೊಂಡಿದ್ದಾರೆ. ಲಾಕ್‌ಡೌನ್ ಹಿನ್ನೆಲೆಯಲ್ಲಿ ಆನ್‌ಲೈನ್ ಮೂಲಕ ತರಬೇತಿ ನೀಡಲಾಯಿತು. ಕುಲಸಚಿವ ಪ್ರೊ.ಆರ್.ರಾಜಣ್ಣ, ಕೇಂದ್ರದ ನಿರ್ದೇಶಕರು ಹಾಗೂ ಶಿಬಿರಾರ್ಥಿಗಳು ಹಾಜರಿದ್ದರು.
